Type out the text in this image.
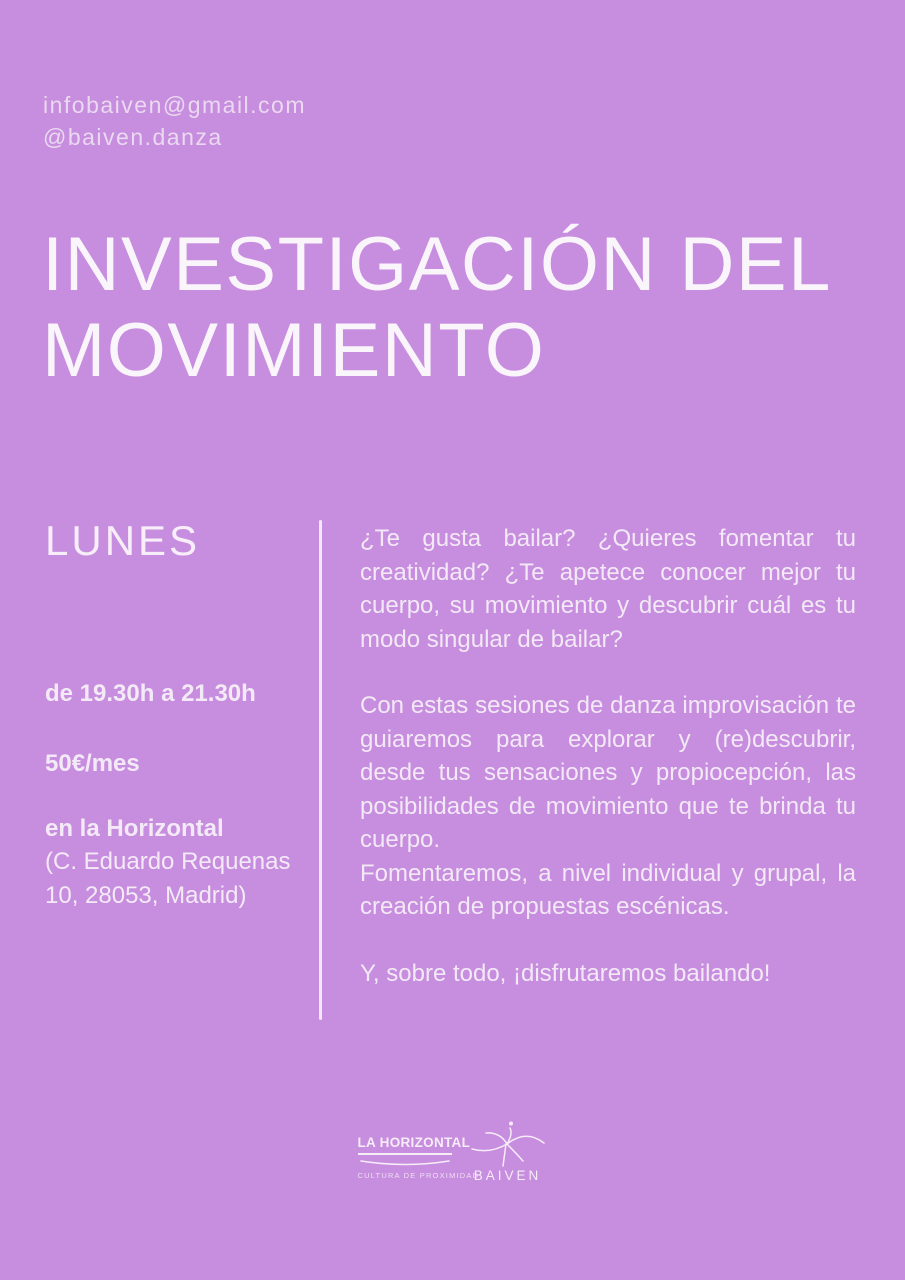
infobaiven@gmail.com
@baiven.danza
INVESTIGACIÓN DEL
MOVIMIENTO
LUNES
de 19.30h a 21.30h
50€/mes
en la Horizontal
(C. Eduardo Requenas
10, 28053, Madrid)

¿Te gusta bailar? ¿Quieres fomentar tu creatividad? ¿Te apetece conocer mejor tu cuerpo, su movimiento y descubrir cuál es tu modo singular de bailar?

Con estas sesiones de danza improvisación te guiaremos para explorar y (re)descubrir, desde tus sensaciones y propiocepción, las posibilidades de movimiento que te brinda tu cuerpo.

Fomentaremos, a nivel individual y grupal, la creación de propuestas escénicas.

Y, sobre todo, ¡disfrutaremos bailando!

LA HORIZONTAL
CULTURA DE PROXIMIDAD
BAIVEN
